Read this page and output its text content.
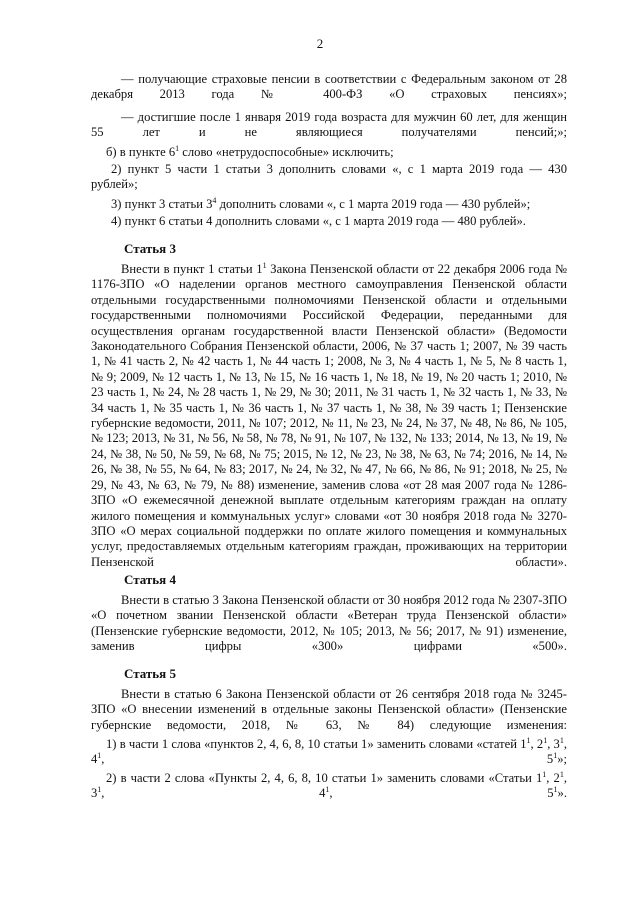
2
— получающие страховые пенсии в соответствии с Федеральным законом от 28 декабря 2013 года № 400-ФЗ «О страховых пенсиях»;
— достигшие после 1 января 2019 года возраста для мужчин 60 лет, для женщин 55 лет и не являющиеся получателями пенсий;»;
б) в пункте $6^1$ слово «нетрудоспособные» исключить;
2) пункт 5 части 1 статьи 3 дополнить словами «, с 1 марта 2019 года — 430 рублей»;
3) пункт 3 статьи $3^4$ дополнить словами «, с 1 марта 2019 года — 430 рублей»;
4) пункт 6 статьи 4 дополнить словами «, с 1 марта 2019 года — 480 рублей».
Статья 3
Внести в пункт 1 статьи $1^1$ Закона Пензенской области от 22 декабря 2006 года № 1176-ЗПО «О наделении органов местного самоуправления Пензенской области отдельными государственными полномочиями Пензенской области и отдельными государственными полномочиями Российской Федерации, переданными для осуществления органам государственной власти Пензенской области» (Ведомости Законодательного Собрания Пензенской области, 2006, № 37 часть 1; 2007, № 39 часть 1, № 41 часть 2, № 42 часть 1, № 44 часть 1; 2008, № 3, № 4 часть 1, № 5, № 8 часть 1, № 9; 2009, № 12 часть 1, № 13, № 15, № 16 часть 1, № 18, № 19, № 20 часть 1; 2010, № 23 часть 1, № 24, № 28 часть 1, № 29, № 30; 2011, № 31 часть 1, № 32 часть 1, № 33, № 34 часть 1, № 35 часть 1, № 36 часть 1, № 37 часть 1, № 38, № 39 часть 1; Пензенские губернские ведомости, 2011, № 107; 2012, № 11, № 23, № 24, № 37, № 48, № 86, № 105, № 123; 2013, № 31, № 56, № 58, № 78, № 91, № 107, № 132, № 133; 2014, № 13, № 19, № 24, № 38, № 50, № 59, № 68, № 75; 2015, № 12, № 23, № 38, № 63, № 74; 2016, № 14, № 26, № 38, № 55, № 64, № 83; 2017, № 24, № 32, № 47, № 66, № 86, № 91; 2018, № 25, № 29, № 43, № 63, № 79, № 88) изменение, заменив слова «от 28 мая 2007 года № 1286-ЗПО «О ежемесячной денежной выплате отдельным категориям граждан на оплату жилого помещения и коммунальных услуг» словами «от 30 ноября 2018 года № 3270-ЗПО «О мерах социальной поддержки по оплате жилого помещения и коммунальных услуг, предоставляемых отдельным категориям граждан, проживающих на территории Пензенской области».
Статья 4
Внести в статью 3 Закона Пензенской области от 30 ноября 2012 года № 2307-ЗПО «О почетном звании Пензенской области «Ветеран труда Пензенской области» (Пензенские губернские ведомости, 2012, № 105; 2013, № 56; 2017, № 91) изменение, заменив цифры «300» цифрами «500».
Статья 5
Внести в статью 6 Закона Пензенской области от 26 сентября 2018 года № 3245-ЗПО «О внесении изменений в отдельные законы Пензенской области» (Пензенские губернские ведомости, 2018, № 63, № 84) следующие изменения:
1) в части 1 слова «пунктов 2, 4, 6, 8, 10 статьи 1» заменить словами «статей $1^1$, $2^1$, $3^1$, $4^1$, $5^1$»;
2) в части 2 слова «Пункты 2, 4, 6, 8, 10 статьи 1» заменить словами «Статьи $1^1$, $2^1$, $3^1$, $4^1$, $5^1$».
